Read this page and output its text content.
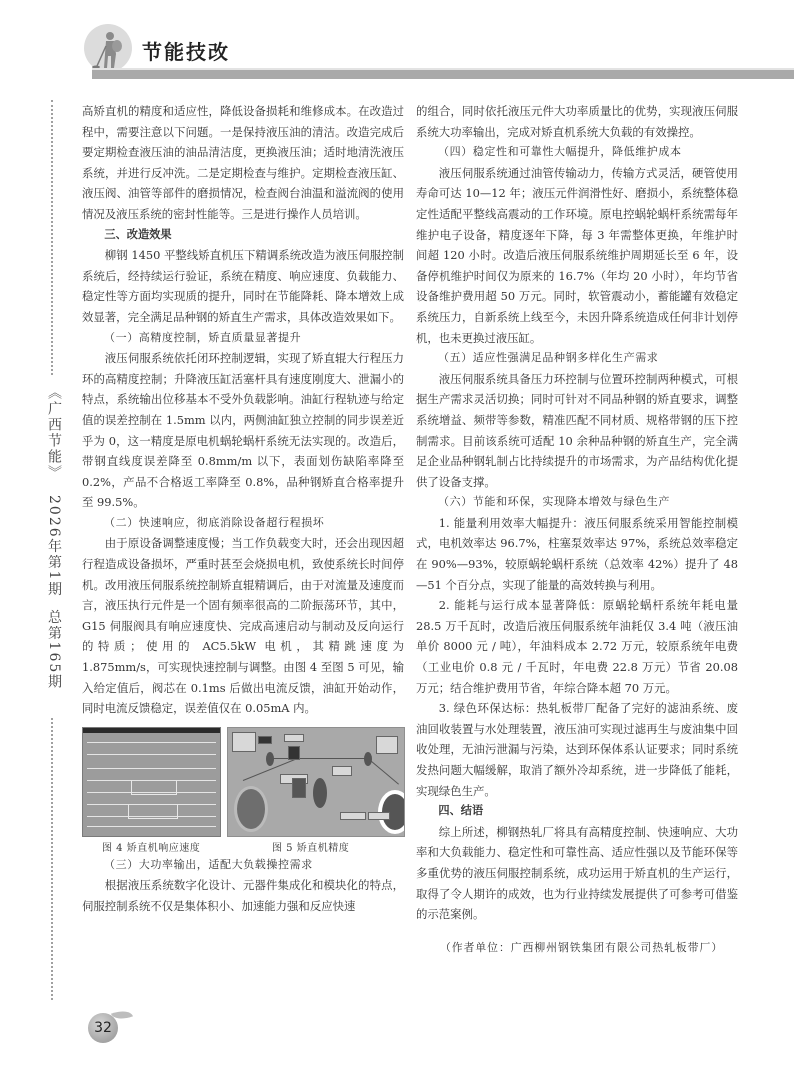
节能技改
《广西节能》2026年第1期总第165期

高矫直机的精度和适应性，降低设备损耗和维修成本。在改造过程中，需要注意以下问题。一是保持液压油的清洁。改造完成后要定期检查液压油的油品清洁度，更换液压油；适时地清洗液压系统，并进行反冲洗。二是定期检查与维护。定期检查液压缸、液压阀、油管等部件的磨损情况，检查阀台油温和溢流阀的使用情况及液压系统的密封性能等。三是进行操作人员培训。

三、改造效果

柳钢 1450 平整线矫直机压下精调系统改造为液压伺服控制系统后，经持续运行验证，系统在精度、响应速度、负载能力、稳定性等方面均实现质的提升，同时在节能降耗、降本增效上成效显著，完全满足品种钢的矫直生产需求，具体改造效果如下。

（一）高精度控制，矫直质量显著提升

液压伺服系统依托闭环控制逻辑，实现了矫直辊大行程压力环的高精度控制；升降液压缸活塞杆具有速度刚度大、泄漏小的特点，系统输出位移基本不受外负载影响。油缸行程轨迹与给定值的误差控制在 1.5mm 以内，两侧油缸独立控制的同步误差近乎为 0，这一精度是原电机蜗轮蜗杆系统无法实现的。改造后，带钢直线度误差降至 0.8mm/m 以下，表面划伤缺陷率降至 0.2%，产品不合格返工率降至 0.8%，品种钢矫直合格率提升至 99.5%。

（二）快速响应，彻底消除设备超行程损坏

由于原设备调整速度慢；当工作负载变大时，还会出现因超行程造成设备损坏，严重时甚至会烧损电机，致使系统长时间停机。改用液压伺服系统控制矫直辊精调后，由于对流量及速度而言，液压执行元件是一个固有频率很高的二阶振荡环节，其中，G15 伺服阀具有响应速度快、完成高速启动与制动及反向运行的特质；使用的 AC5.5kW 电机，其精跳速度为 1.875mm/s，可实现快速控制与调整。由图 4 至图 5 可见，输入给定值后，阀芯在 0.1ms 后做出电流反馈，油缸开始动作，同时电流反馈稳定，误差值仅在 0.05mA 内。

图 4 矫直机响应速度	图 5 矫直机精度

（三）大功率输出，适配大负载操控需求

根据液压系统数字化设计、元器件集成化和模块化的特点，伺服控制系统不仅是集体积小、加速能力强和反应快速

的组合，同时依托液压元件大功率质量比的优势，实现液压伺服系统大功率输出，完成对矫直机系统大负载的有效操控。

（四）稳定性和可靠性大幅提升，降低维护成本

液压伺服系统通过油管传输动力，传输方式灵活，硬管使用寿命可达 10—12 年；液压元件润滑性好、磨损小，系统整体稳定性适配平整线高震动的工作环境。原电控蜗轮蜗杆系统需每年维护电子设备，精度逐年下降，每 3 年需整体更换，年维护时间超 120 小时。改造后液压伺服系统维护周期延长至 6 年，设备停机维护时间仅为原来的 16.7%（年均 20 小时），年均节省设备维护费用超 50 万元。同时，软管震动小，蓄能罐有效稳定系统压力，自新系统上线至今，未因升降系统造成任何非计划停机，也未更换过液压缸。

（五）适应性强满足品种钢多样化生产需求

液压伺服系统具备压力环控制与位置环控制两种模式，可根据生产需求灵活切换；同时可针对不同品种钢的矫直要求，调整系统增益、频带等参数，精准匹配不同材质、规格带钢的压下控制需求。目前该系统可适配 10 余种品种钢的矫直生产，完全满足企业品种钢轧制占比持续提升的市场需求，为产品结构优化提供了设备支撑。

（六）节能和环保，实现降本增效与绿色生产

1. 能量利用效率大幅提升：液压伺服系统采用智能控制模式，电机效率达 96.7%，柱塞泵效率达 97%，系统总效率稳定在 90%—93%，较原蜗轮蜗杆系统（总效率 42%）提升了 48—51 个百分点，实现了能量的高效转换与利用。

2. 能耗与运行成本显著降低：原蜗轮蜗杆系统年耗电量 28.5 万千瓦时，改造后液压伺服系统年油耗仅 3.4 吨（液压油单价 8000 元 / 吨），年油料成本 2.72 万元，较原系统年电费（工业电价 0.8 元 / 千瓦时，年电费 22.8 万元）节省 20.08 万元；结合维护费用节省，年综合降本超 70 万元。

3. 绿色环保达标：热轧板带厂配备了完好的滤油系统、废油回收装置与水处理装置，液压油可实现过滤再生与废油集中回收处理，无油污泄漏与污染，达到环保体系认证要求；同时系统发热问题大幅缓解，取消了额外冷却系统，进一步降低了能耗，实现绿色生产。

四、结语

综上所述，柳钢热轧厂将具有高精度控制、快速响应、大功率和大负载能力、稳定性和可靠性高、适应性强以及节能环保等多重优势的液压伺服控制系统，成功运用于矫直机的生产运行，取得了令人期许的成效，也为行业持续发展提供了可参考可借鉴的示范案例。

（作者单位：广西柳州钢铁集团有限公司热轧板带厂）
32
